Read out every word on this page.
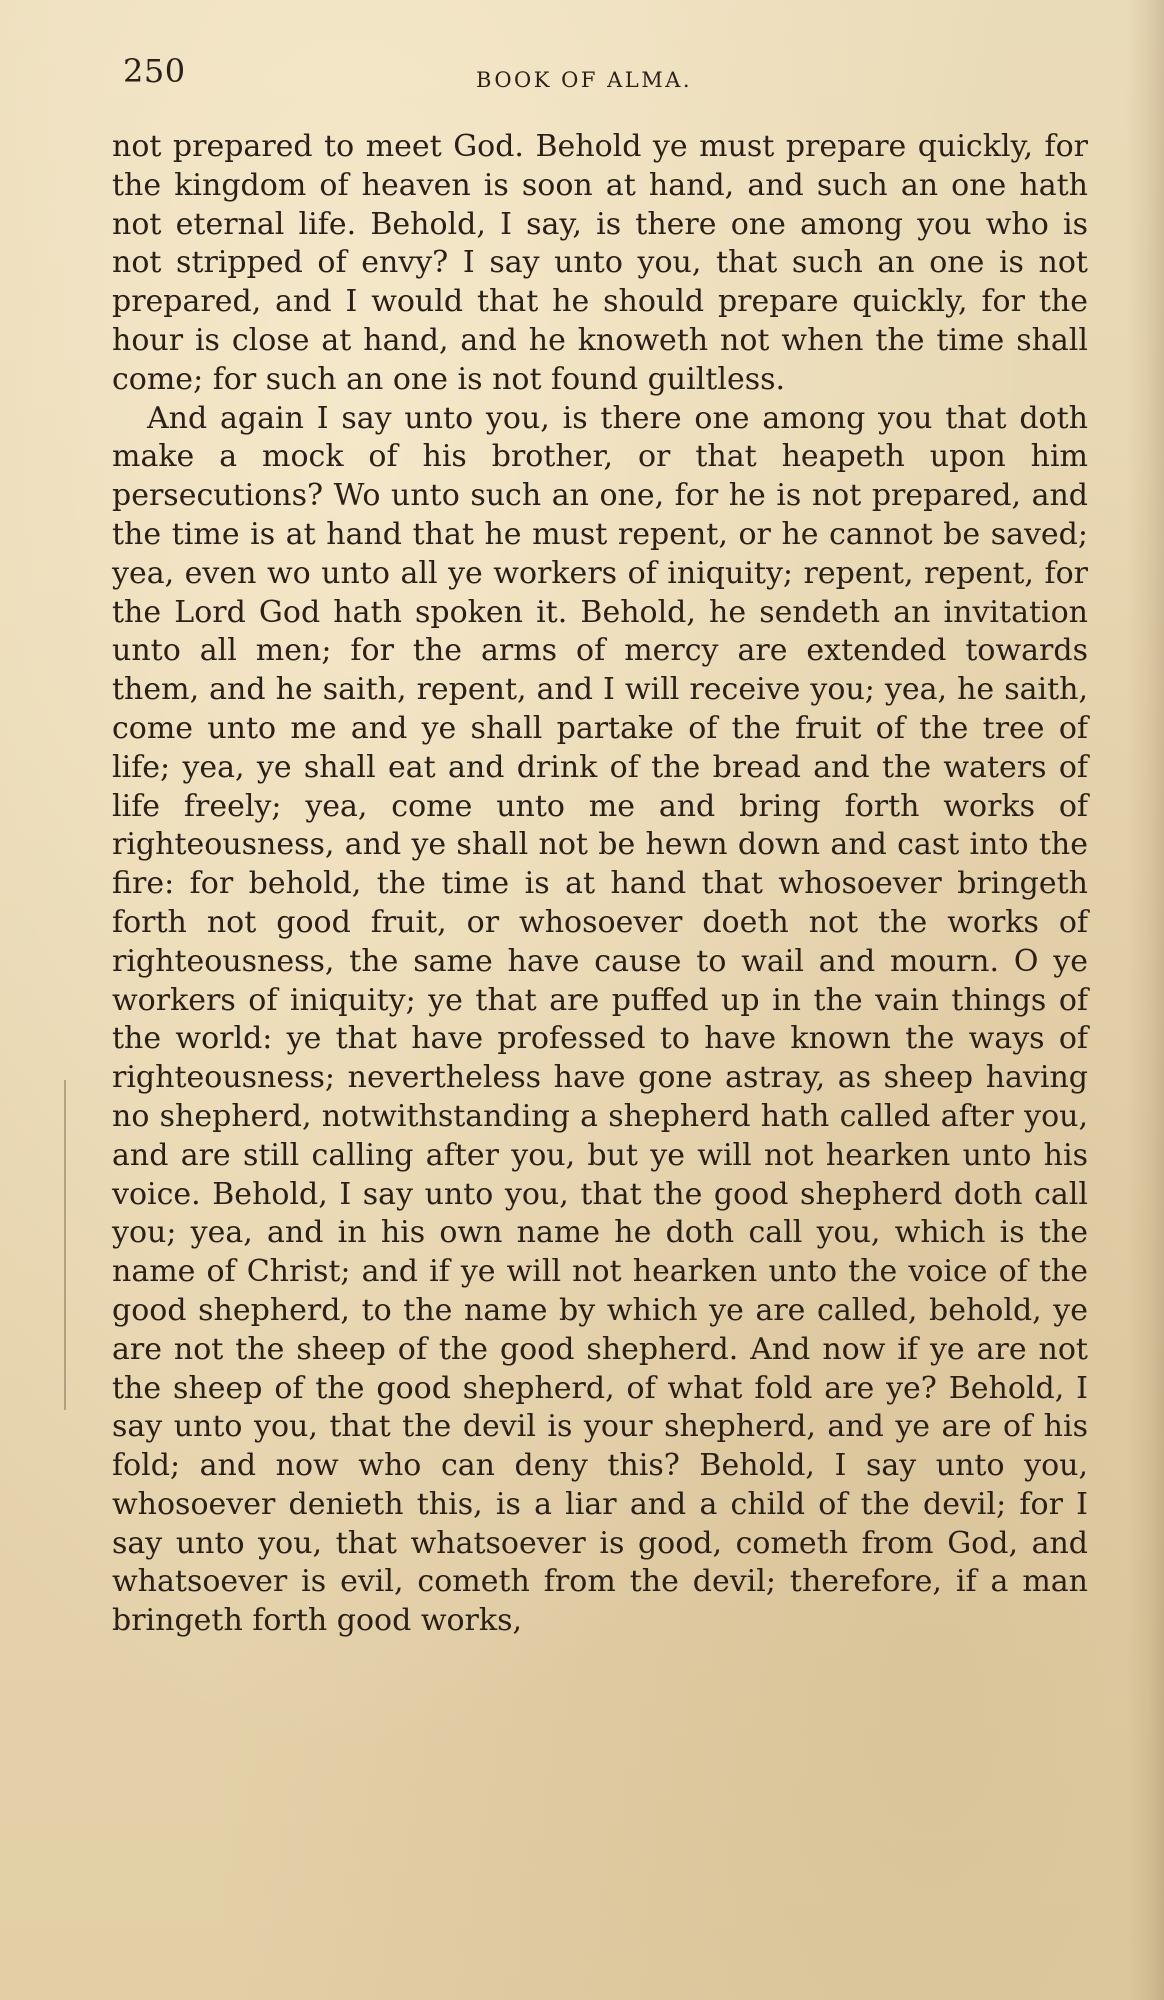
250	BOOK OF ALMA.

not prepared to meet God. Behold ye must prepare quickly, for the kingdom of heaven is soon at hand, and such an one hath not eternal life. Behold, I say, is there one among you who is not stripped of envy? I say unto you, that such an one is not prepared, and I would that he should prepare quickly, for the hour is close at hand, and he knoweth not when the time shall come; for such an one is not found guiltless.

And again I say unto you, is there one among you that doth make a mock of his brother, or that heapeth upon him persecutions? Wo unto such an one, for he is not prepared, and the time is at hand that he must repent, or he cannot be saved; yea, even wo unto all ye workers of iniquity; repent, repent, for the Lord God hath spoken it. Behold, he sendeth an invitation unto all men; for the arms of mercy are extended towards them, and he saith, repent, and I will receive you; yea, he saith, come unto me and ye shall partake of the fruit of the tree of life; yea, ye shall eat and drink of the bread and the waters of life freely; yea, come unto me and bring forth works of righteousness, and ye shall not be hewn down and cast into the fire: for behold, the time is at hand that whosoever bringeth forth not good fruit, or whosoever doeth not the works of righteousness, the same have cause to wail and mourn. O ye workers of iniquity; ye that are puffed up in the vain things of the world: ye that have professed to have known the ways of righteousness; nevertheless have gone astray, as sheep having no shepherd, notwithstanding a shepherd hath called after you, and are still calling after you, but ye will not hearken unto his voice. Behold, I say unto you, that the good shepherd doth call you; yea, and in his own name he doth call you, which is the name of Christ; and if ye will not hearken unto the voice of the good shepherd, to the name by which ye are called, behold, ye are not the sheep of the good shepherd. And now if ye are not the sheep of the good shepherd, of what fold are ye? Behold, I say unto you, that the devil is your shepherd, and ye are of his fold; and now who can deny this? Behold, I say unto you, whosoever denieth this, is a liar and a child of the devil; for I say unto you, that whatsoever is good, cometh from God, and whatsoever is evil, cometh from the devil; therefore, if a man bringeth forth good works,
